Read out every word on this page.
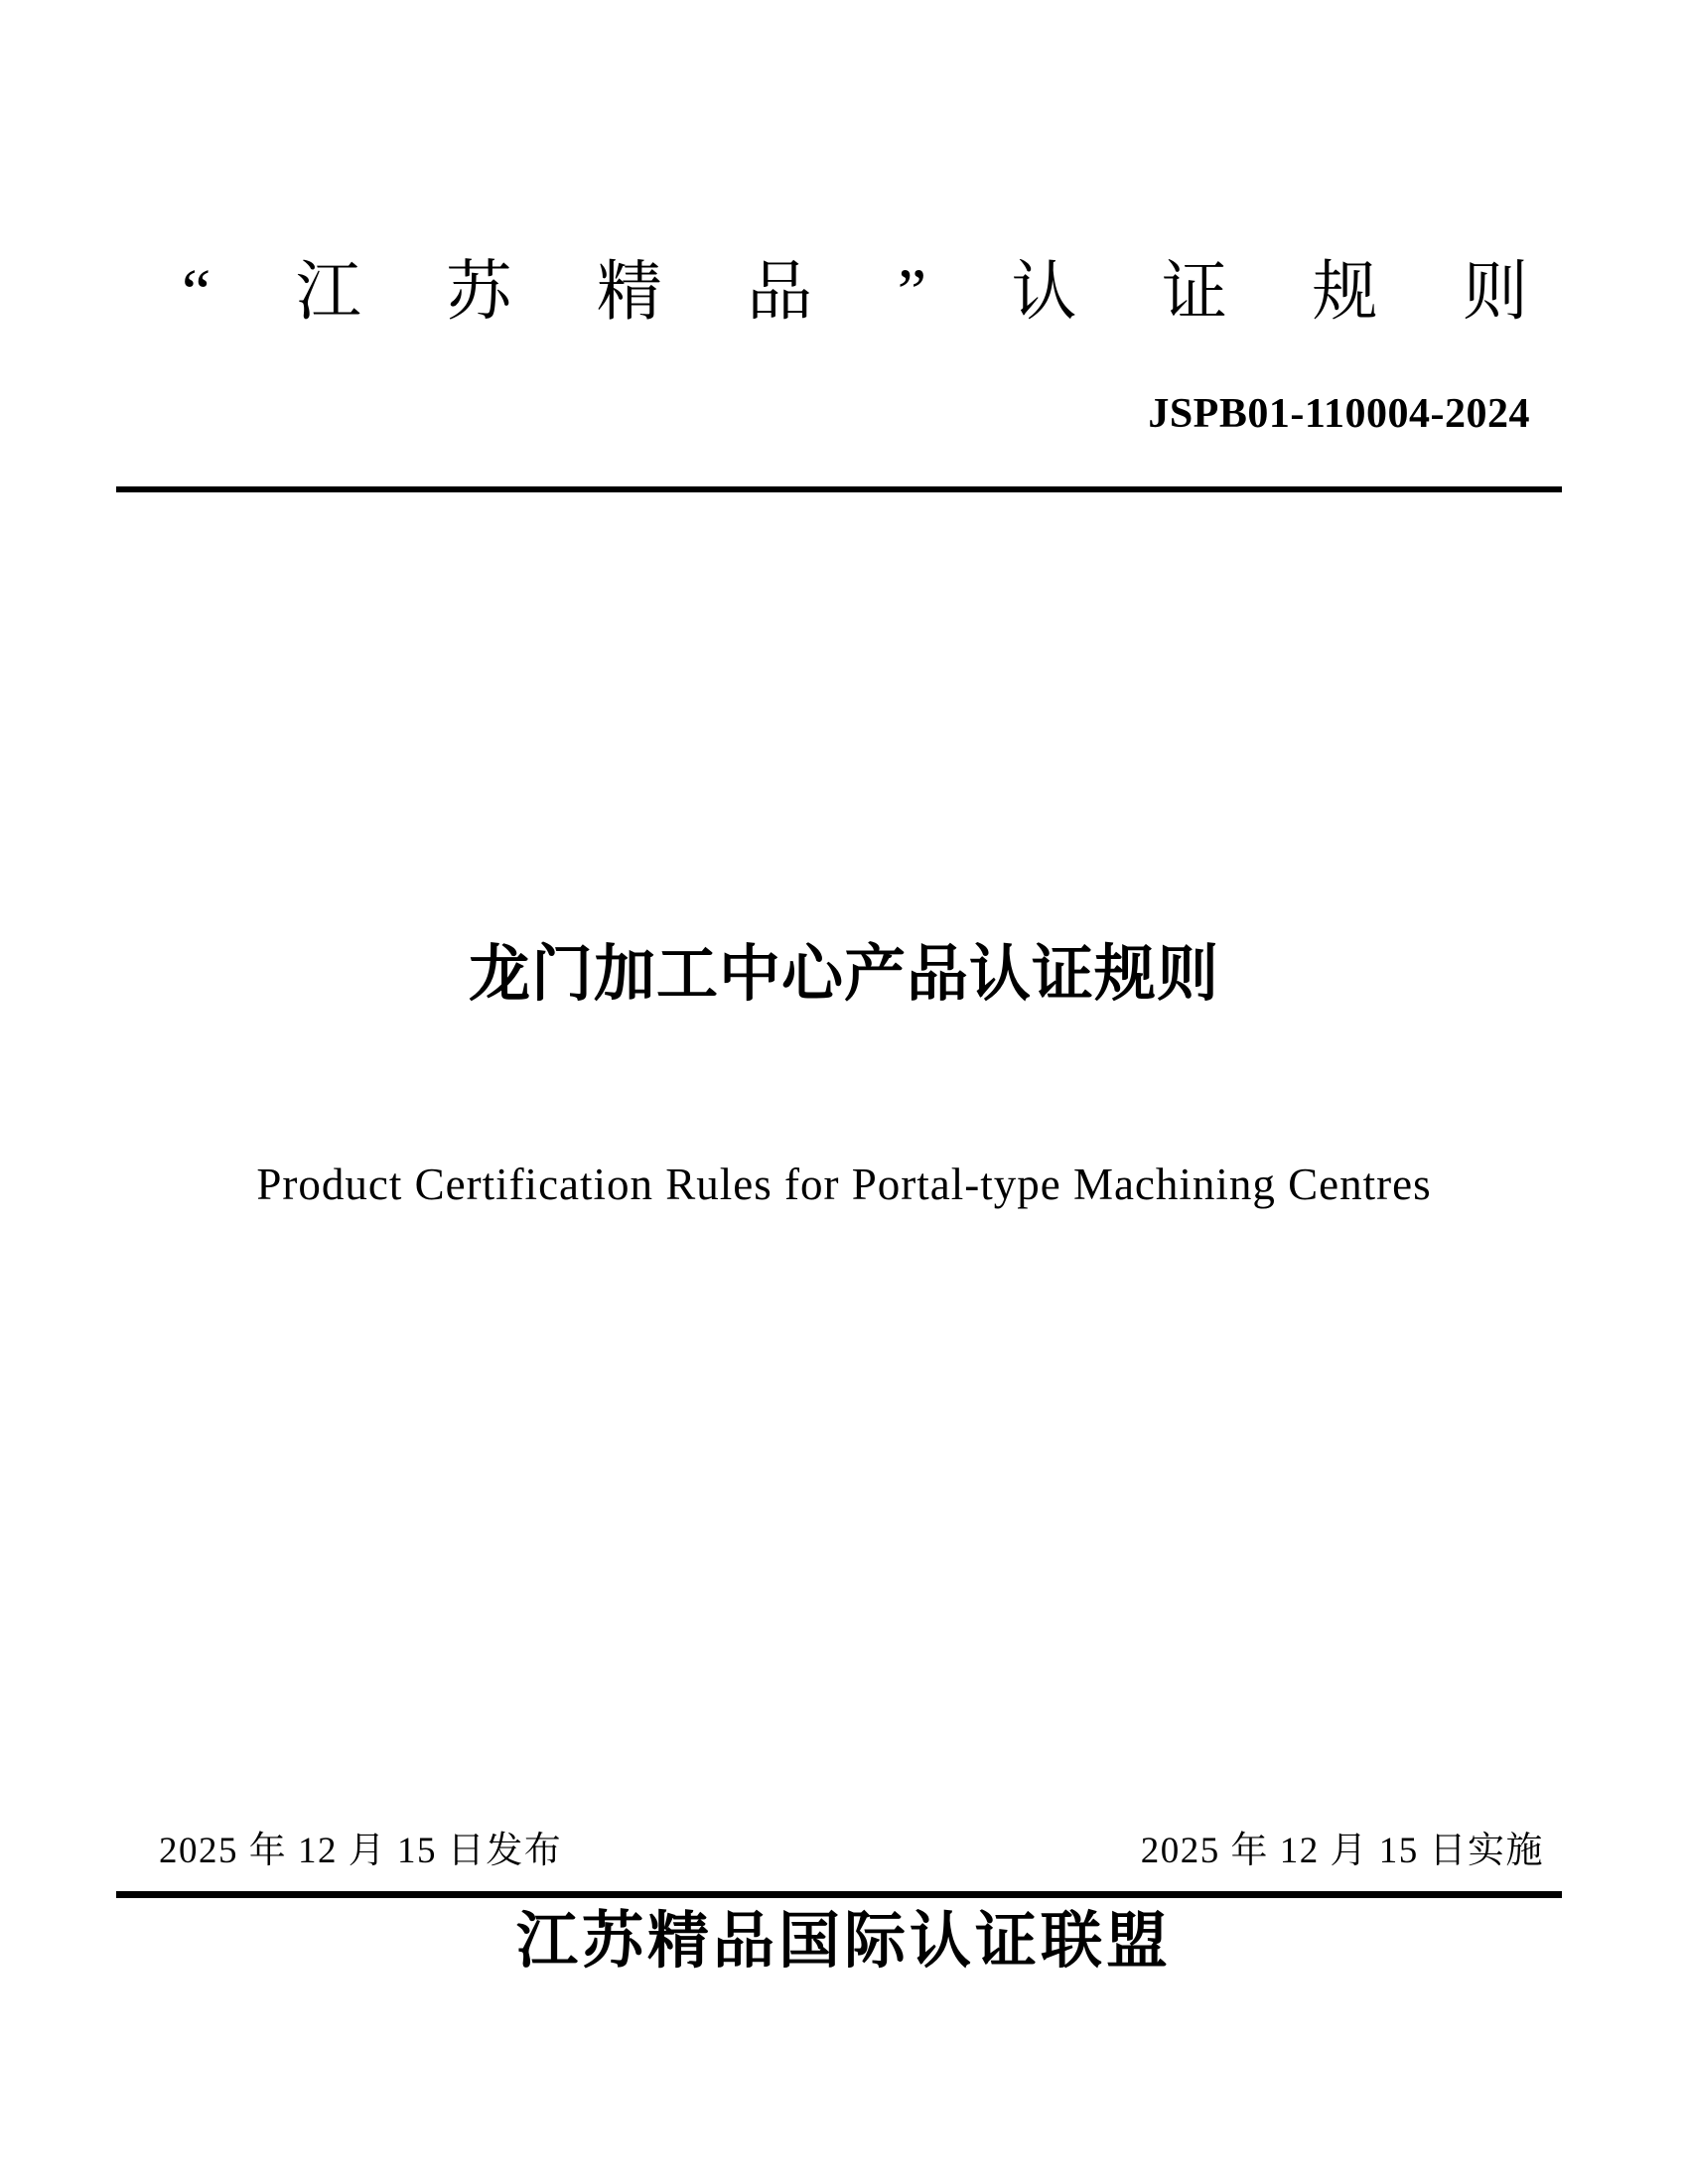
“ 江 苏 精 品 ” 认 证 规 则
JSPB01-110004-2024
龙门加工中心产品认证规则
Product Certification Rules for Portal-type Machining Centres
2025 年 12 月 15 日发布	2025 年 12 月 15 日实施
江苏精品国际认证联盟
